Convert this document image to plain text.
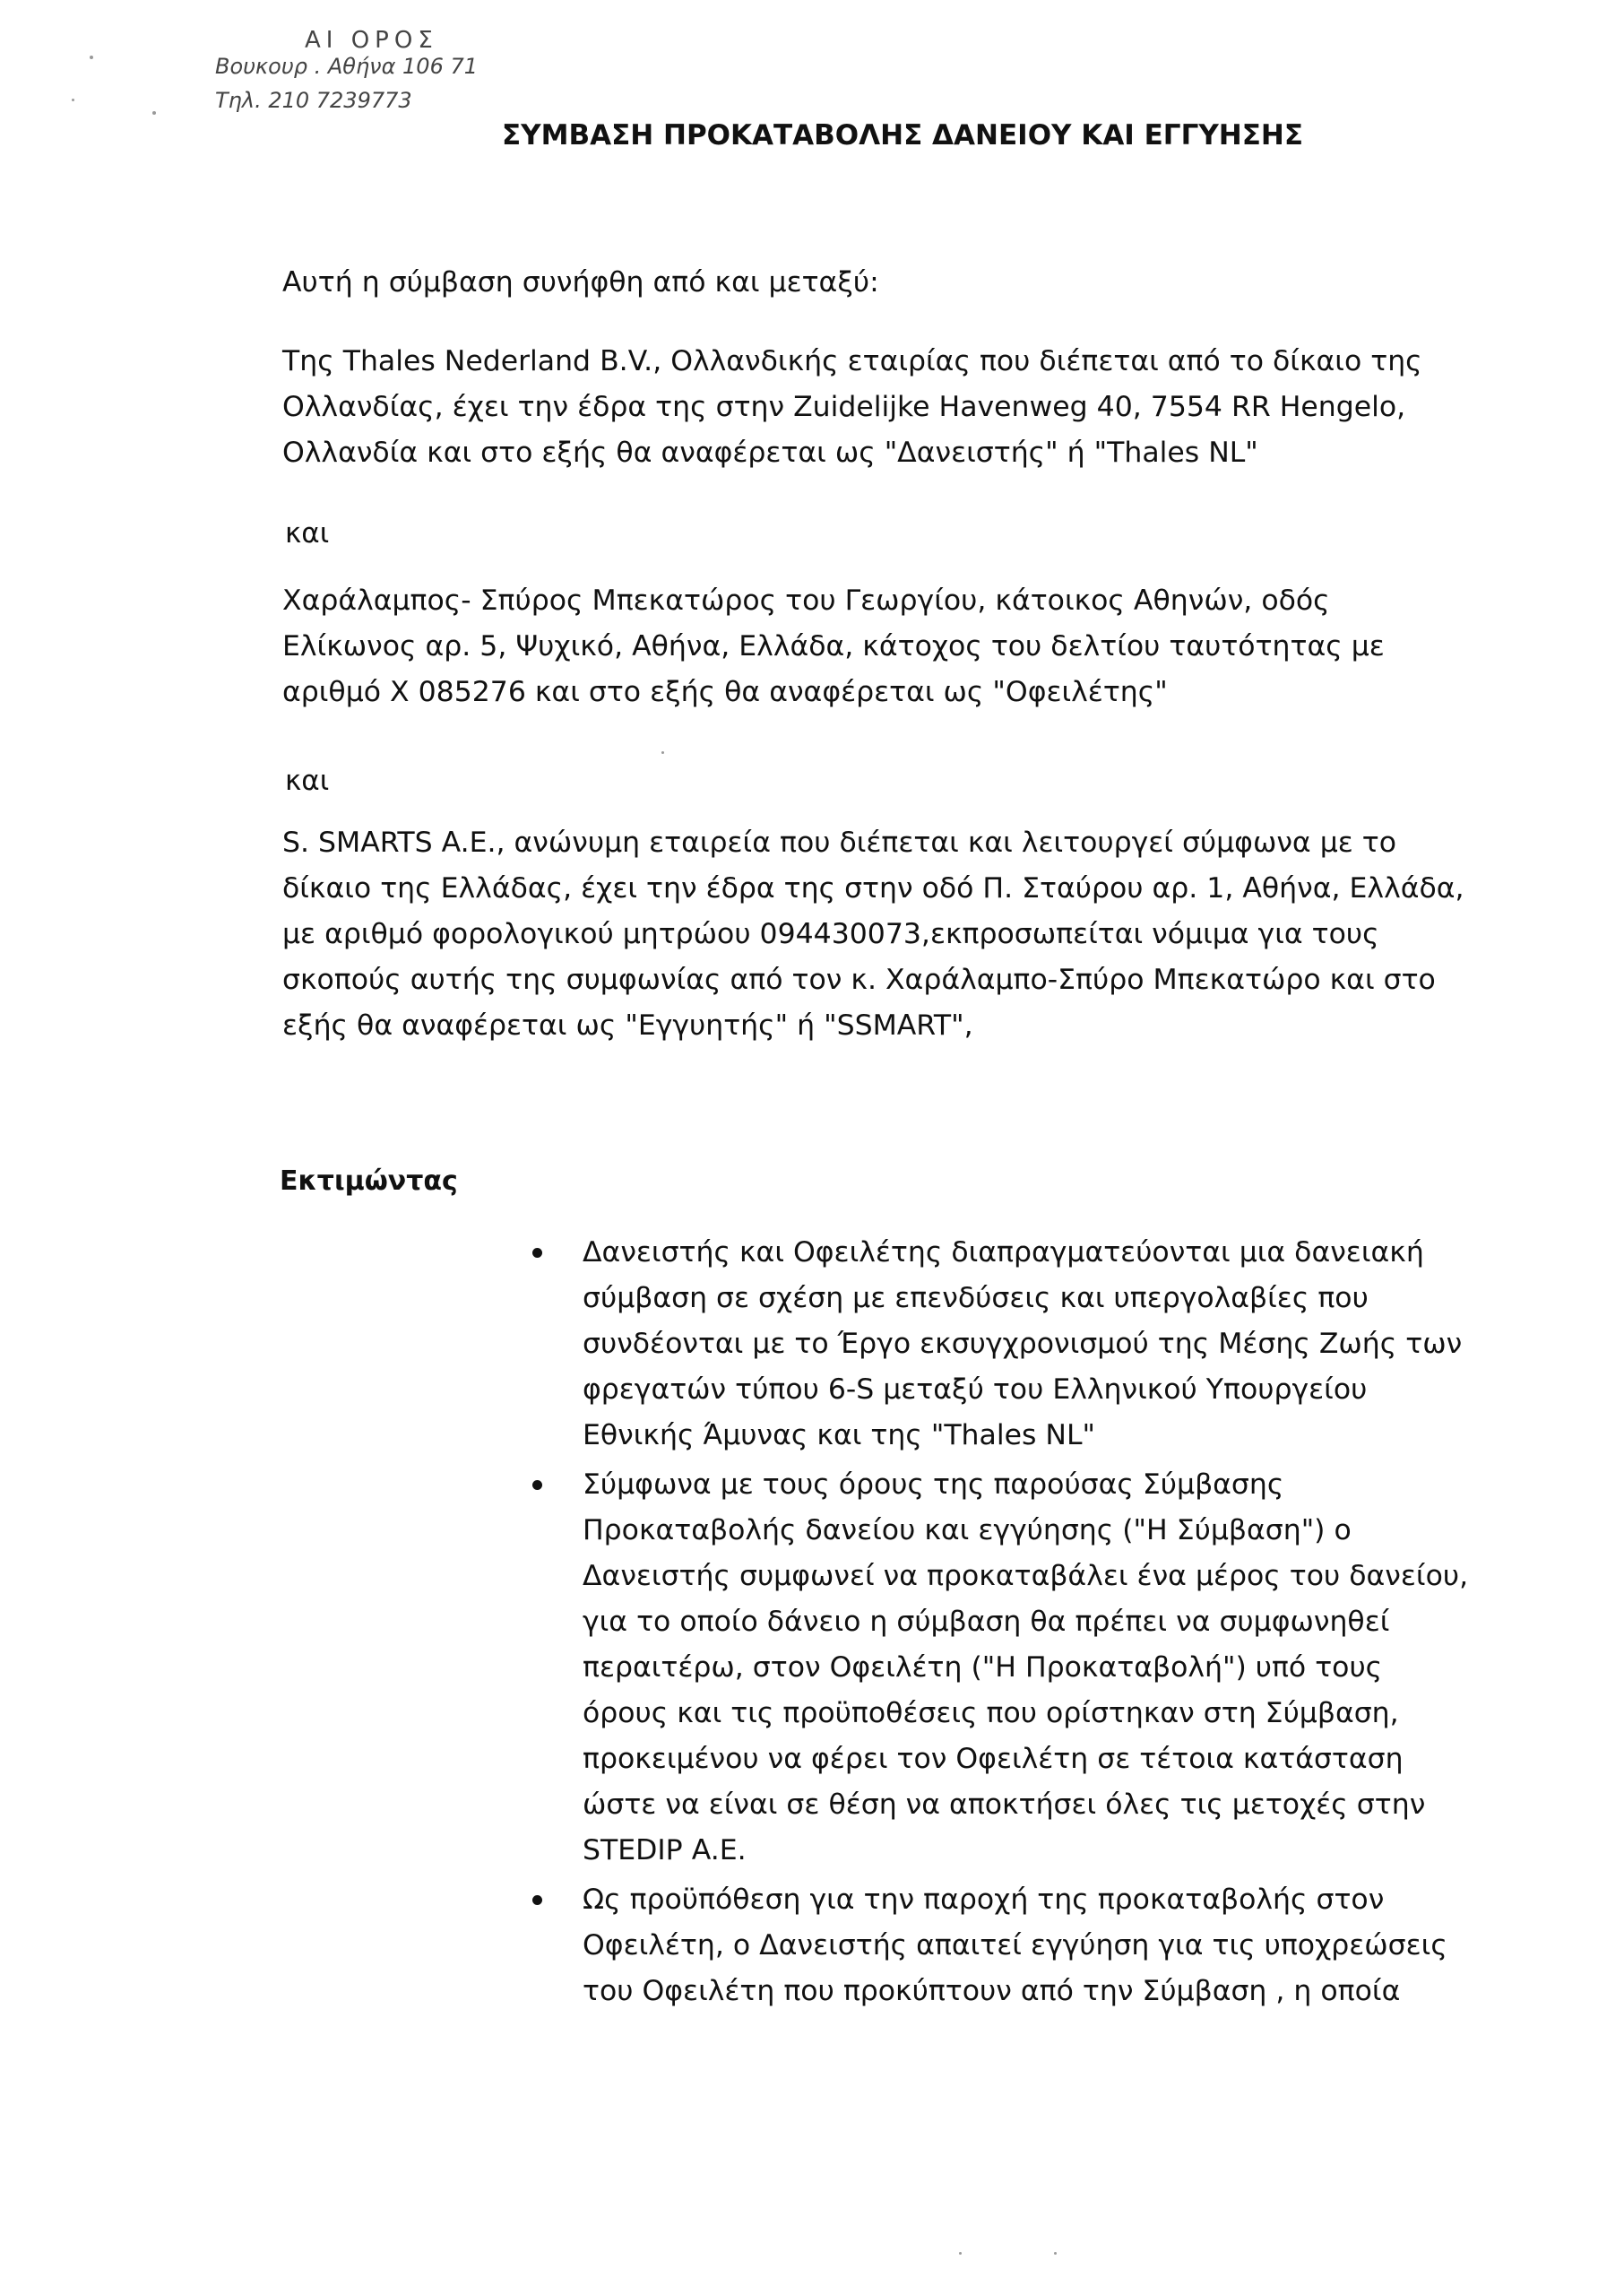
ΑΙ ΟΡΟΣ
Βουκουρ . Αθήνα 106 71
Τηλ. 210 7239773
ΣΥΜΒΑΣΗ ΠΡΟΚΑΤΑΒΟΛΗΣ ΔΑΝΕΙΟΥ ΚΑΙ ΕΓΓΥΗΣΗΣ
Αυτή η σύμβαση συνήφθη από και μεταξύ:
Της Thales Nederland B.V., Ολλανδικής εταιρίας που διέπεται από το δίκαιο της Ολλανδίας, έχει την έδρα της στην Zuidelijke Havenweg 40, 7554 RR Hengelo, Ολλανδία και στο εξής θα αναφέρεται ως "Δανειστής" ή "Thales NL"
και
Χαράλαμπος- Σπύρος Μπεκατώρος του Γεωργίου, κάτοικος Αθηνών, οδός Ελίκωνος αρ. 5, Ψυχικό, Αθήνα, Ελλάδα, κάτοχος του δελτίου ταυτότητας με αριθμό Χ 085276 και στο εξής θα αναφέρεται ως "Οφειλέτης"
και
S. SMARTS A.E., ανώνυμη εταιρεία που διέπεται και λειτουργεί σύμφωνα με το δίκαιο της Ελλάδας, έχει την έδρα της στην οδό Π. Σταύρου αρ. 1, Αθήνα, Ελλάδα, με αριθμό φορολογικού μητρώου 094430073,εκπροσωπείται νόμιμα για τους σκοπούς αυτής της συμφωνίας από τον κ. Χαράλαμπο-Σπύρο Μπεκατώρο και στο εξής θα αναφέρεται ως "Εγγυητής" ή "SSMART",
Εκτιμώντας
Δανειστής και Οφειλέτης διαπραγματεύονται μια δανειακή σύμβαση σε σχέση με επενδύσεις και υπεργολαβίες που συνδέονται με το Έργο εκσυγχρονισμού της Μέσης Ζωής των φρεγατών τύπου 6-S μεταξύ του Ελληνικού Υπουργείου Εθνικής Άμυνας και της "Thales NL"
Σύμφωνα με τους όρους της παρούσας Σύμβασης Προκαταβολής δανείου και εγγύησης ("Η Σύμβαση") ο Δανειστής συμφωνεί να προκαταβάλει ένα μέρος του δανείου, για το οποίο δάνειο η σύμβαση θα πρέπει να συμφωνηθεί περαιτέρω, στον Οφειλέτη ("Η Προκαταβολή") υπό τους όρους και τις προϋποθέσεις που ορίστηκαν στη Σύμβαση, προκειμένου να φέρει τον Οφειλέτη σε τέτοια κατάσταση ώστε να είναι σε θέση να αποκτήσει όλες τις μετοχές στην STEDIP A.E.
Ως προϋπόθεση για την παροχή της προκαταβολής στον Οφειλέτη, ο Δανειστής απαιτεί εγγύηση για τις υποχρεώσεις του Οφειλέτη που προκύπτουν από την Σύμβαση , η οποία
